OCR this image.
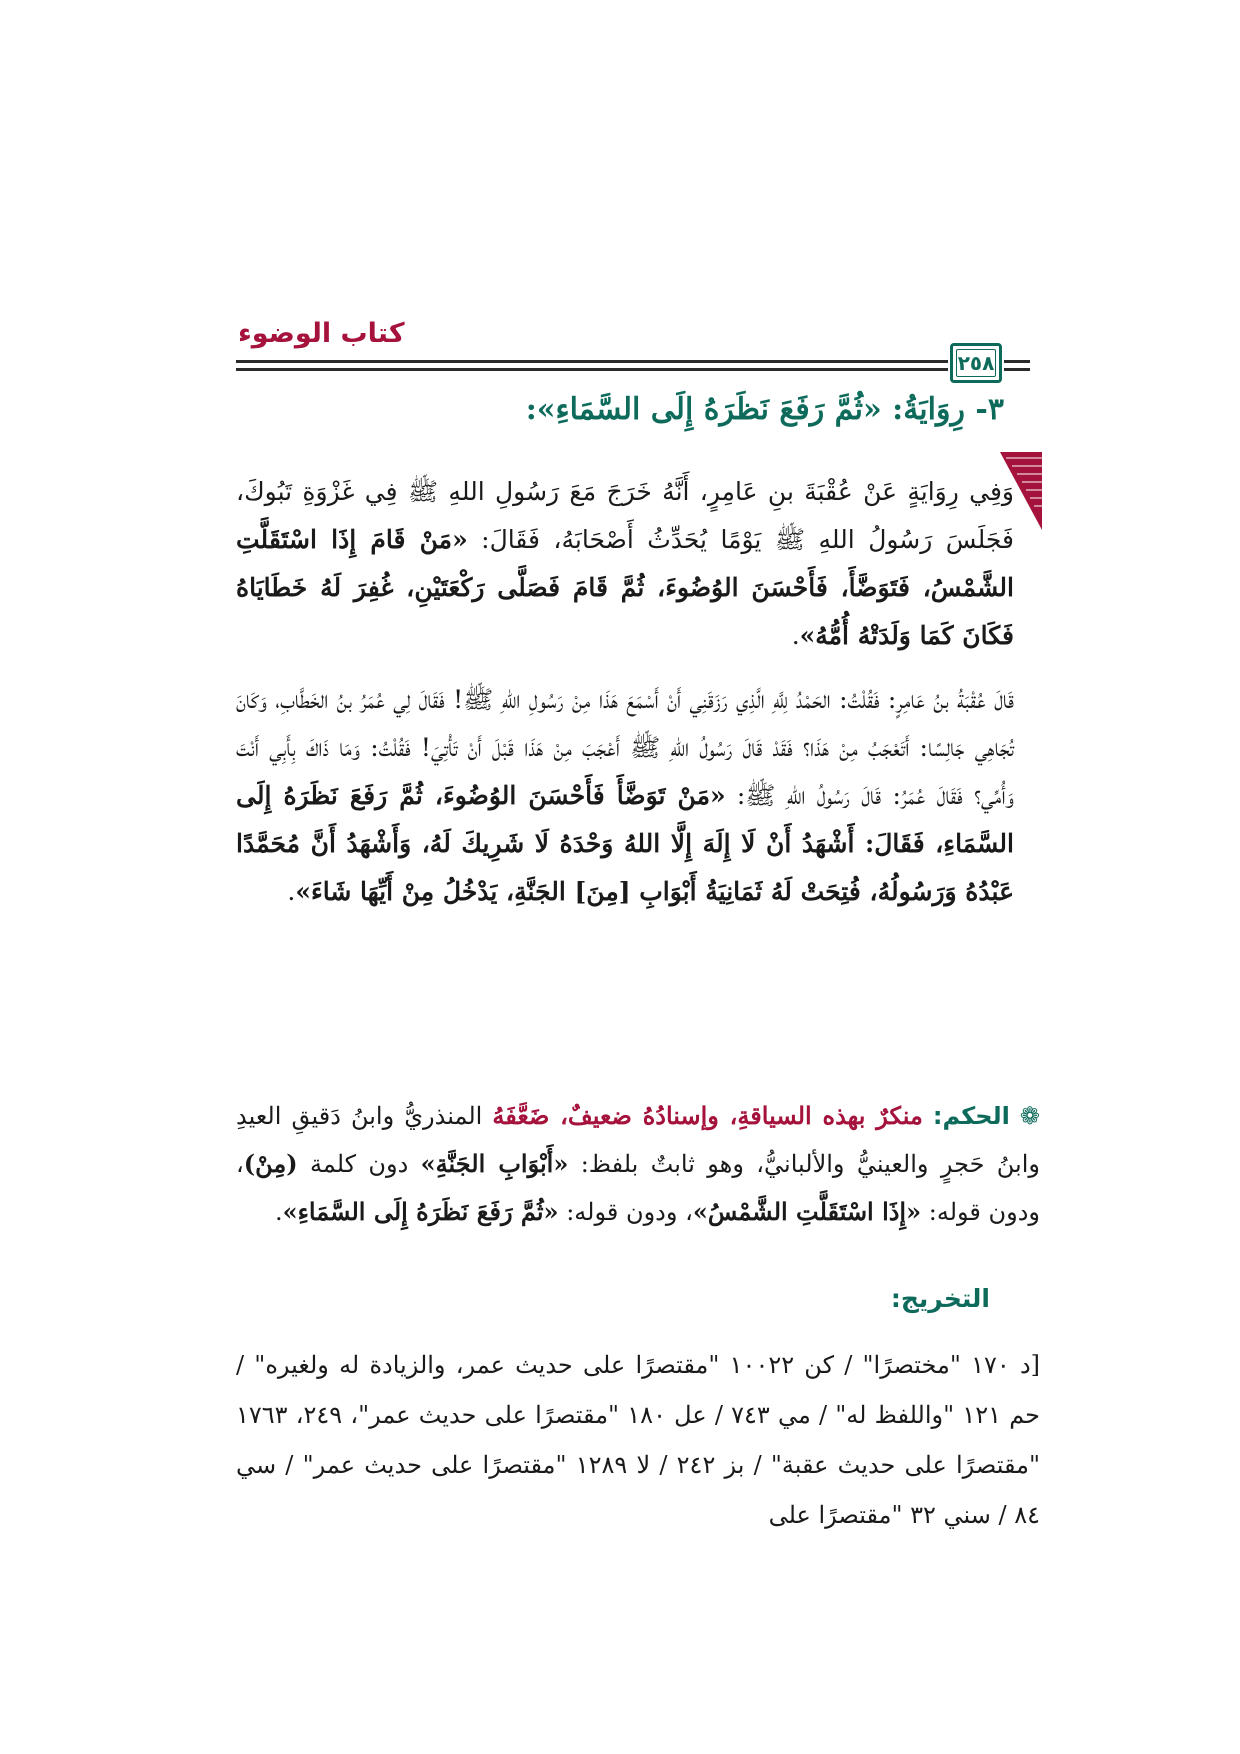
كتاب الوضوء
٢٥٨
٣- رِوَايَةُ: «ثُمَّ رَفَعَ نَظَرَهُ إِلَى السَّمَاءِ»:

وَفِي رِوَايَةٍ عَنْ عُقْبَةَ بنِ عَامِرٍ، أَنَّهُ خَرَجَ مَعَ رَسُولِ اللهِ ﷺ فِي غَزْوَةِ تَبُوكَ، فَجَلَسَ رَسُولُ اللهِ ﷺ يَوْمًا يُحَدِّثُ أَصْحَابَهُ، فَقَالَ: «مَنْ قَامَ إِذَا اسْتَقَلَّتِ الشَّمْسُ، فَتَوَضَّأَ، فَأَحْسَنَ الوُضُوءَ، ثُمَّ قَامَ فَصَلَّى رَكْعَتَيْنِ، غُفِرَ لَهُ خَطَايَاهُ فَكَانَ كَمَا وَلَدَتْهُ أُمُّهُ».

قَالَ عُقْبَةُ بنُ عَامِرٍ: فَقُلْتُ: الحَمْدُ لِلَّهِ الَّذِي رَزَقَنِي أَنْ أَسْمَعَ هَذَا مِنْ رَسُولِ اللهِ ﷺ! فَقَالَ لِي عُمَرُ بنُ الخَطَّابِ، وَكَانَ تُجَاهِي جَالِسًا: أَتَعْجَبُ مِنْ هَذَا؟ فَقَدْ قَالَ رَسُولُ اللهِ ﷺ أَعْجَبَ مِنْ هَذَا قَبْلَ أَنْ تَأْتِيَ! فَقُلْتُ: وَمَا ذَاكَ بِأَبِي أَنْتَ وَأُمِّي؟ فَقَالَ عُمَرُ: قَالَ رَسُولُ اللهِ ﷺ: «مَنْ تَوَضَّأَ فَأَحْسَنَ الوُضُوءَ، ثُمَّ رَفَعَ نَظَرَهُ إِلَى السَّمَاءِ، فَقَالَ: أَشْهَدُ أَنْ لَا إِلَهَ إِلَّا اللهُ وَحْدَهُ لَا شَرِيكَ لَهُ، وَأَشْهَدُ أَنَّ مُحَمَّدًا عَبْدُهُ وَرَسُولُهُ، فُتِحَتْ لَهُ ثَمَانِيَةُ أَبْوَابِ [مِنَ] الجَنَّةِ، يَدْخُلُ مِنْ أَيِّهَا شَاءَ».

❁ الحكم: منكرٌ بهذه السياقةِ، وإسنادُهُ ضعيفٌ، ضَعَّفَهُ المنذريُّ وابنُ دَقيقِ العيدِ وابنُ حَجرٍ والعينيُّ والألبانيُّ، وهو ثابتٌ بلفظ: «أَبْوَابِ الجَنَّةِ» دون كلمة (مِنْ)، ودون قوله: «إِذَا اسْتَقَلَّتِ الشَّمْسُ»، ودون قوله: «ثُمَّ رَفَعَ نَظَرَهُ إِلَى السَّمَاءِ».

التخريج:

[د ١٧٠ "مختصرًا" / كن ١٠٠٢٢ "مقتصرًا على حديث عمر، والزيادة له ولغيره" / حم ١٢١ "واللفظ له" / مي ٧٤٣ / عل ١٨٠ "مقتصرًا على حديث عمر"، ٢٤٩، ١٧٦٣ "مقتصرًا على حديث عقبة" / بز ٢٤٢ / لا ١٢٨٩ "مقتصرًا على حديث عمر" / سي ٨٤ / سني ٣٢ "مقتصرًا على
